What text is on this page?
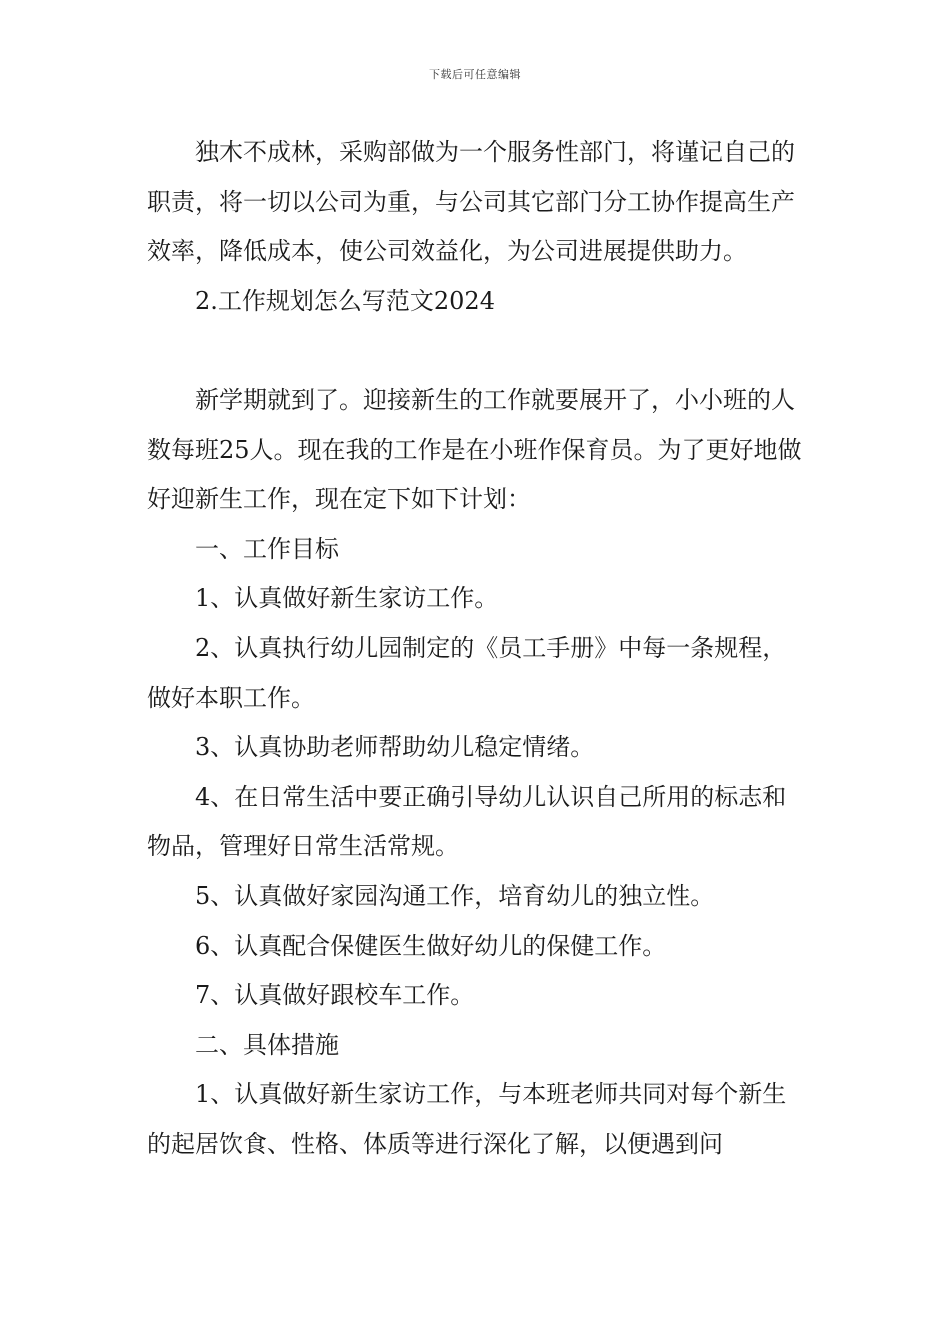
下载后可任意编辑

独木不成林，采购部做为一个服务性部门，将谨记自己的职责，将一切以公司为重，与公司其它部门分工协作提高生产效率，降低成本，使公司效益化，为公司进展提供助力。

2.工作规划怎么写范文2024

新学期就到了。迎接新生的工作就要展开了，小小班的人数每班25人。现在我的工作是在小班作保育员。为了更好地做好迎新生工作，现在定下如下计划：

一、工作目标

1、认真做好新生家访工作。

2、认真执行幼儿园制定的《员工手册》中每一条规程，做好本职工作。

3、认真协助老师帮助幼儿稳定情绪。

4、在日常生活中要正确引导幼儿认识自己所用的标志和物品，管理好日常生活常规。

5、认真做好家园沟通工作，培育幼儿的独立性。

6、认真配合保健医生做好幼儿的保健工作。

7、认真做好跟校车工作。

二、具体措施

1、认真做好新生家访工作，与本班老师共同对每个新生的起居饮食、性格、体质等进行深化了解，以便遇到问
